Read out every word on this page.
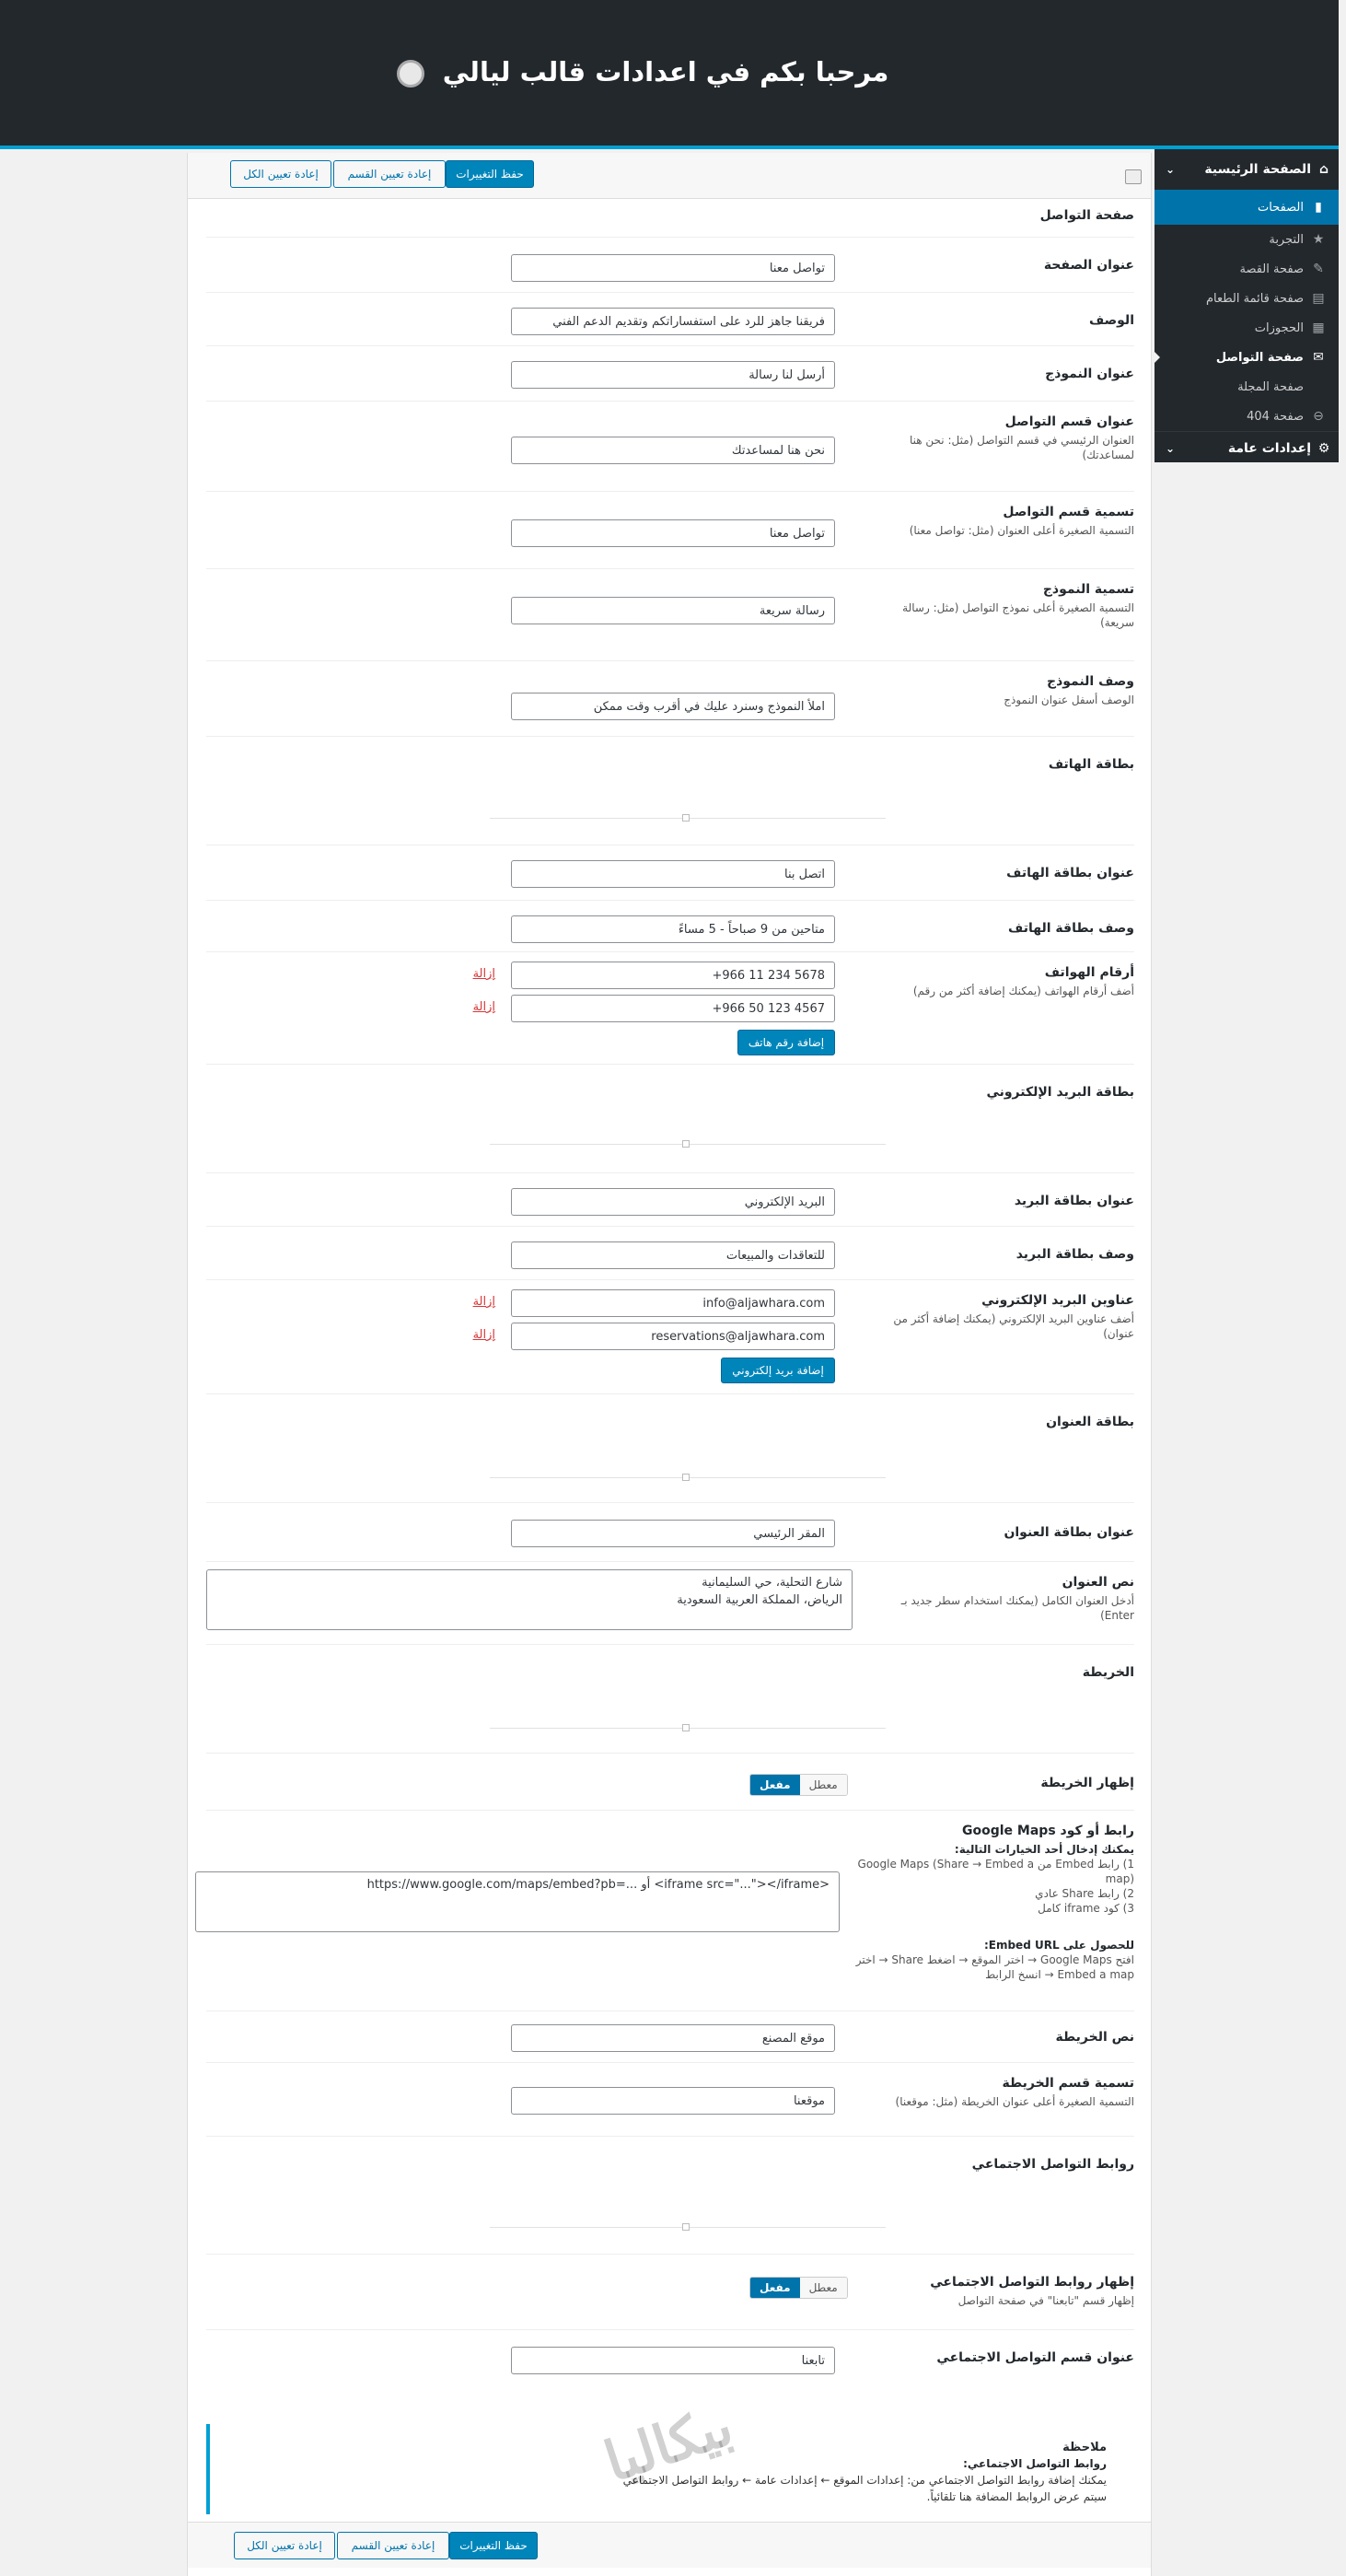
مرحبا بكم في اعدادات قالب ليالي
⌂
الصفحة الرئيسية
⌄
▮
الصفحات
★
التجربة
✎
صفحة القصة
▤
صفحة قائمة الطعام
▦
الحجوزات
✉
صفحة التواصل
صفحة المجلة
⊖
صفحة 404
⚙
إعدادات عامة
⌄
حفظ التغييرات
إعادة تعيين القسم
إعادة تعيين الكل
صفحة التواصل
عنوان الصفحة
تواصل معنا
الوصف
فريقنا جاهز للرد على استفساراتكم وتقديم الدعم الفني
عنوان النموذج
أرسل لنا رسالة
عنوان قسم التواصل
العنوان الرئيسي في قسم التواصل (مثل: نحن هنا لمساعدتك)
نحن هنا لمساعدتك
تسمية قسم التواصل
التسمية الصغيرة أعلى العنوان (مثل: تواصل معنا)
تواصل معنا
تسمية النموذج
التسمية الصغيرة أعلى نموذج التواصل (مثل: رسالة سريعة)
رسالة سريعة
وصف النموذج
الوصف أسفل عنوان النموذج
املأ النموذج وسنرد عليك في أقرب وقت ممكن
بطاقة الهاتف
عنوان بطاقة الهاتف
اتصل بنا
وصف بطاقة الهاتف
متاحين من 9 صباحاً - 5 مساءً
أرقام الهواتف
أضف أرقام الهواتف (يمكنك إضافة أكثر من رقم)
+966 11 234 5678
إزالة
+966 50 123 4567
إزالة
إضافة رقم هاتف
بطاقة البريد الإلكتروني
عنوان بطاقة البريد
البريد الإلكتروني
وصف بطاقة البريد
للتعاقدات والمبيعات
عناوين البريد الإلكتروني
أضف عناوين البريد الإلكتروني (يمكنك إضافة أكثر من عنوان)
info@aljawhara.com
إزالة
reservations@aljawhara.com
إزالة
إضافة بريد إلكتروني
بطاقة العنوان
عنوان بطاقة العنوان
المقر الرئيسي
نص العنوان
أدخل العنوان الكامل (يمكنك استخدام سطر جديد بـ Enter)
شارع التحلية، حي السليمانية
الرياض، المملكة العربية السعودية
الخريطة
إظهار الخريطة
مفعل	معطل
رابط أو كود Google Maps
يمكنك إدخال أحد الخيارات التالية:
1) رابط Embed من Google Maps (Share → Embed a map)
2) رابط Share عادي
3) كود iframe كامل
للحصول على Embed URL:
افتح Google Maps → اختر الموقع → اضغط Share → اختر Embed a map → انسخ الرابط
https://www.google.com/maps/embed?pb=... أو <iframe src="..."></iframe>
نص الخريطة
موقع المصنع
تسمية قسم الخريطة
التسمية الصغيرة أعلى عنوان الخريطة (مثل: موقعنا)
موقعنا
روابط التواصل الاجتماعي
إظهار روابط التواصل الاجتماعي
إظهار قسم "تابعنا" في صفحة التواصل
مفعل	معطل
عنوان قسم التواصل الاجتماعي
تابعنا
ملاحظة
روابط التواصل الاجتماعي:
يمكنك إضافة روابط التواصل الاجتماعي من: إعدادات الموقع ← إعدادات عامة ← روابط التواصل الاجتماعي
سيتم عرض الروابط المضافة هنا تلقائياً.
بيكاليا
حفظ التغييرات
إعادة تعيين القسم
إعادة تعيين الكل
